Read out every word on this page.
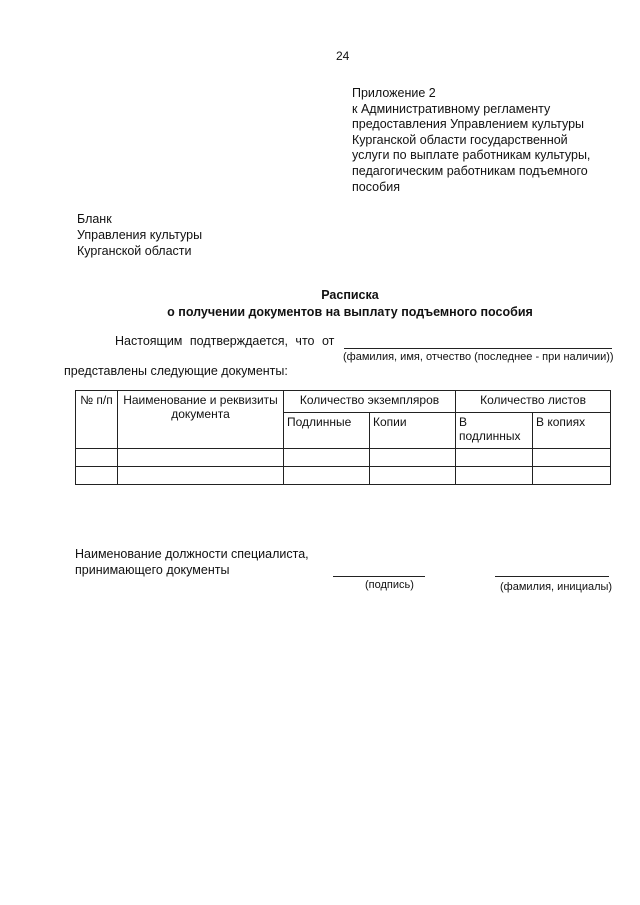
24
Приложение 2
к Административному регламенту
предоставления Управлением культуры
Курганской области государственной
услуги по выплате работникам культуры,
педагогическим работникам подъемного
пособия
Бланк
Управления культуры
Курганской области
Расписка
о получении документов на выплату подъемного пособия
Настоящим подтверждается, что от
(фамилия, имя, отчество (последнее - при наличии))
представлены следующие документы:
№ п/п	Наименование и реквизиты документа	Количество экземпляров		Количество листов	
		Подлинные	Копии	В подлинных	В копиях

Наименование должности специалиста,
принимающего документы
(подпись)	(фамилия, инициалы)
